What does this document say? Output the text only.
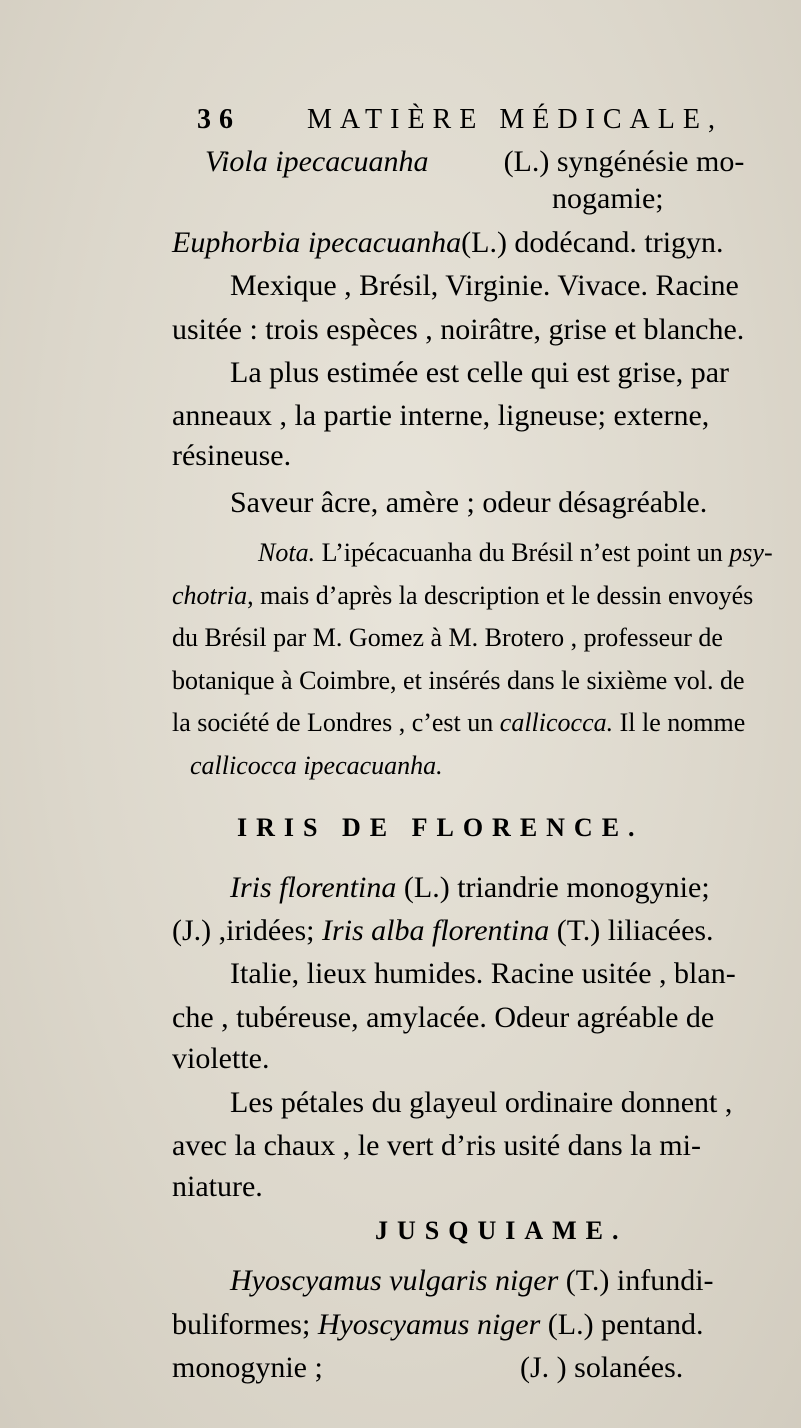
36 MATIÈRE MÉDICALE,
Viola ipecacuanha	(L.) syngénésie mo-
nogamie;
Euphorbia ipecacuanha(L.) dodécand. trigyn.
Mexique , Brésil, Virginie. Vivace. Racine
usitée : trois espèces , noirâtre, grise et blanche.
La plus estimée est celle qui est grise, par
anneaux , la partie interne, ligneuse; externe,
résineuse.
Saveur âcre, amère ; odeur désagréable.
Nota. L’ipécacuanha du Brésil n’est point un psy-
chotria, mais d’après la description et le dessin envoyés
du Brésil par M. Gomez à M. Brotero , professeur de
botanique à Coimbre, et insérés dans le sixième vol. de
la société de Londres , c’est un callicocca. Il le nomme
callicocca ipecacuanha.
IRIS DE FLORENCE.
Iris florentina (L.) triandrie monogynie;
(J.) ,iridées; Iris alba florentina (T.) liliacées.
Italie, lieux humides. Racine usitée , blan-
che , tubéreuse, amylacée. Odeur agréable de
violette.
Les pétales du glayeul ordinaire donnent ,
avec la chaux , le vert d’ris usité dans la mi-
niature.
JUSQUIAME.
Hyoscyamus vulgaris niger (T.) infundi-
buliformes; Hyoscyamus niger (L.) pentand.
monogynie ;	(J. ) solanées.
